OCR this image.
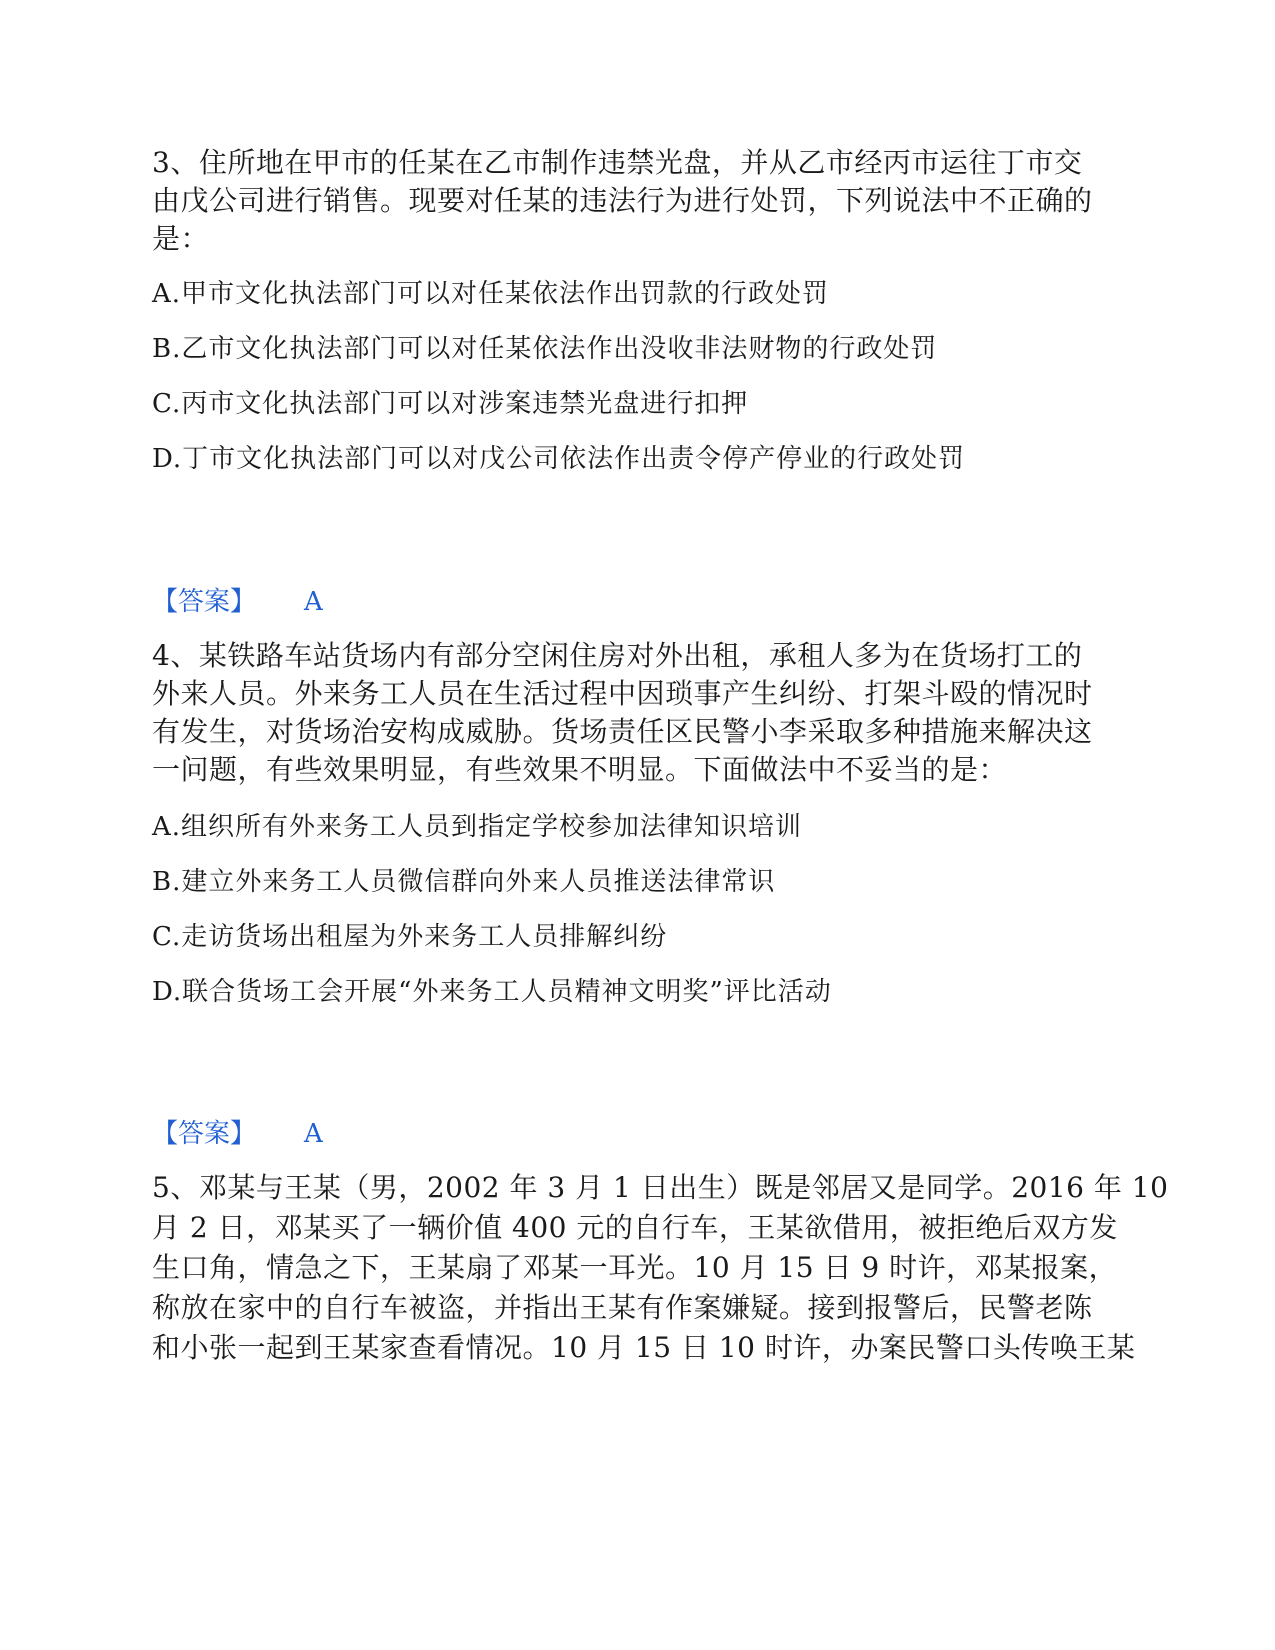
3、住所地在甲市的任某在乙市制作违禁光盘，并从乙市经丙市运往丁市交
由戊公司进行销售。现要对任某的违法行为进行处罚，下列说法中不正确的
是：
A.甲市文化执法部门可以对任某依法作出罚款的行政处罚
B.乙市文化执法部门可以对任某依法作出没收非法财物的行政处罚
C.丙市文化执法部门可以对涉案违禁光盘进行扣押
D.丁市文化执法部门可以对戊公司依法作出责令停产停业的行政处罚
【答案】 A
4、某铁路车站货场内有部分空闲住房对外出租，承租人多为在货场打工的
外来人员。外来务工人员在生活过程中因琐事产生纠纷、打架斗殴的情况时
有发生，对货场治安构成威胁。货场责任区民警小李采取多种措施来解决这
一问题，有些效果明显，有些效果不明显。下面做法中不妥当的是：
A.组织所有外来务工人员到指定学校参加法律知识培训
B.建立外来务工人员微信群向外来人员推送法律常识
C.走访货场出租屋为外来务工人员排解纠纷
D.联合货场工会开展“外来务工人员精神文明奖”评比活动
【答案】 A
5、邓某与王某（男，2002 年 3 月 1 日出生）既是邻居又是同学。2016 年 10
月 2 日，邓某买了一辆价值 400 元的自行车，王某欲借用，被拒绝后双方发
生口角，情急之下，王某扇了邓某一耳光。10 月 15 日 9 时许，邓某报案，
称放在家中的自行车被盗，并指出王某有作案嫌疑。接到报警后，民警老陈
和小张一起到王某家查看情况。10 月 15 日 10 时许，办案民警口头传唤王某
